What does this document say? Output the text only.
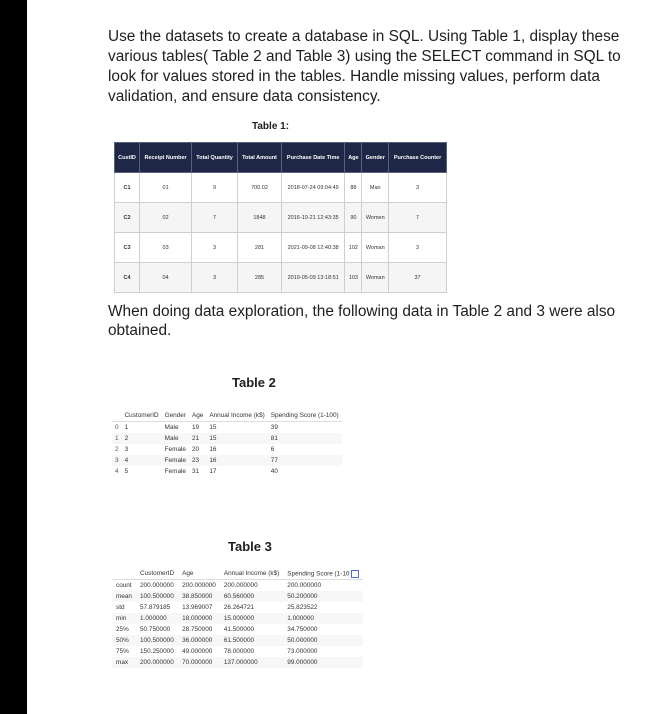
Use the datasets to create a database in SQL. Using Table 1, display these various tables( Table 2 and Table 3) using the SELECT command in SQL to look for values stored in the tables. Handle missing values, perform data validation, and ensure data consistency.
Table 1:
CustID	Receipt Number	Total Quantity	Total Amount	Purchase Date Time	Age	Gender	Purchase Counter
C1	01	9	700.02	2018-07-24 09:04:49	88	Man	3
C2	02	7	1848	2016-10-21 12:43:35	90	Women	7
C3	03	3	281	2021-09-08 12:40:38	102	Woman	3
C4	04	3	285	2019-05-09 13:18:51	103	Woman	37
When doing data exploration, the following data in Table 2 and 3 were also obtained.
Table 2
	CustomerID	Gender	Age	Annual Income (k$)	Spending Score (1-100)
0	1	Male	19	15	39
1	2	Male	21	15	81
2	3	Female	20	16	6
3	4	Female	23	16	77
4	5	Female	31	17	40
Table 3
	CustomerID	Age	Annual Income (k$)	Spending Score (1-10
count	200.000000	200.000000	200.000000	200.000000
mean	100.500000	38.850000	60.560000	50.200000
std	57.879185	13.969007	26.264721	25.823522
min	1.000000	18.000000	15.000000	1.000000
25%	50.750000	28.750000	41.500000	34.750000
50%	100.500000	36.000000	61.500000	50.000000
75%	150.250000	49.000000	78.000000	73.000000
max	200.000000	70.000000	137.000000	99.000000
